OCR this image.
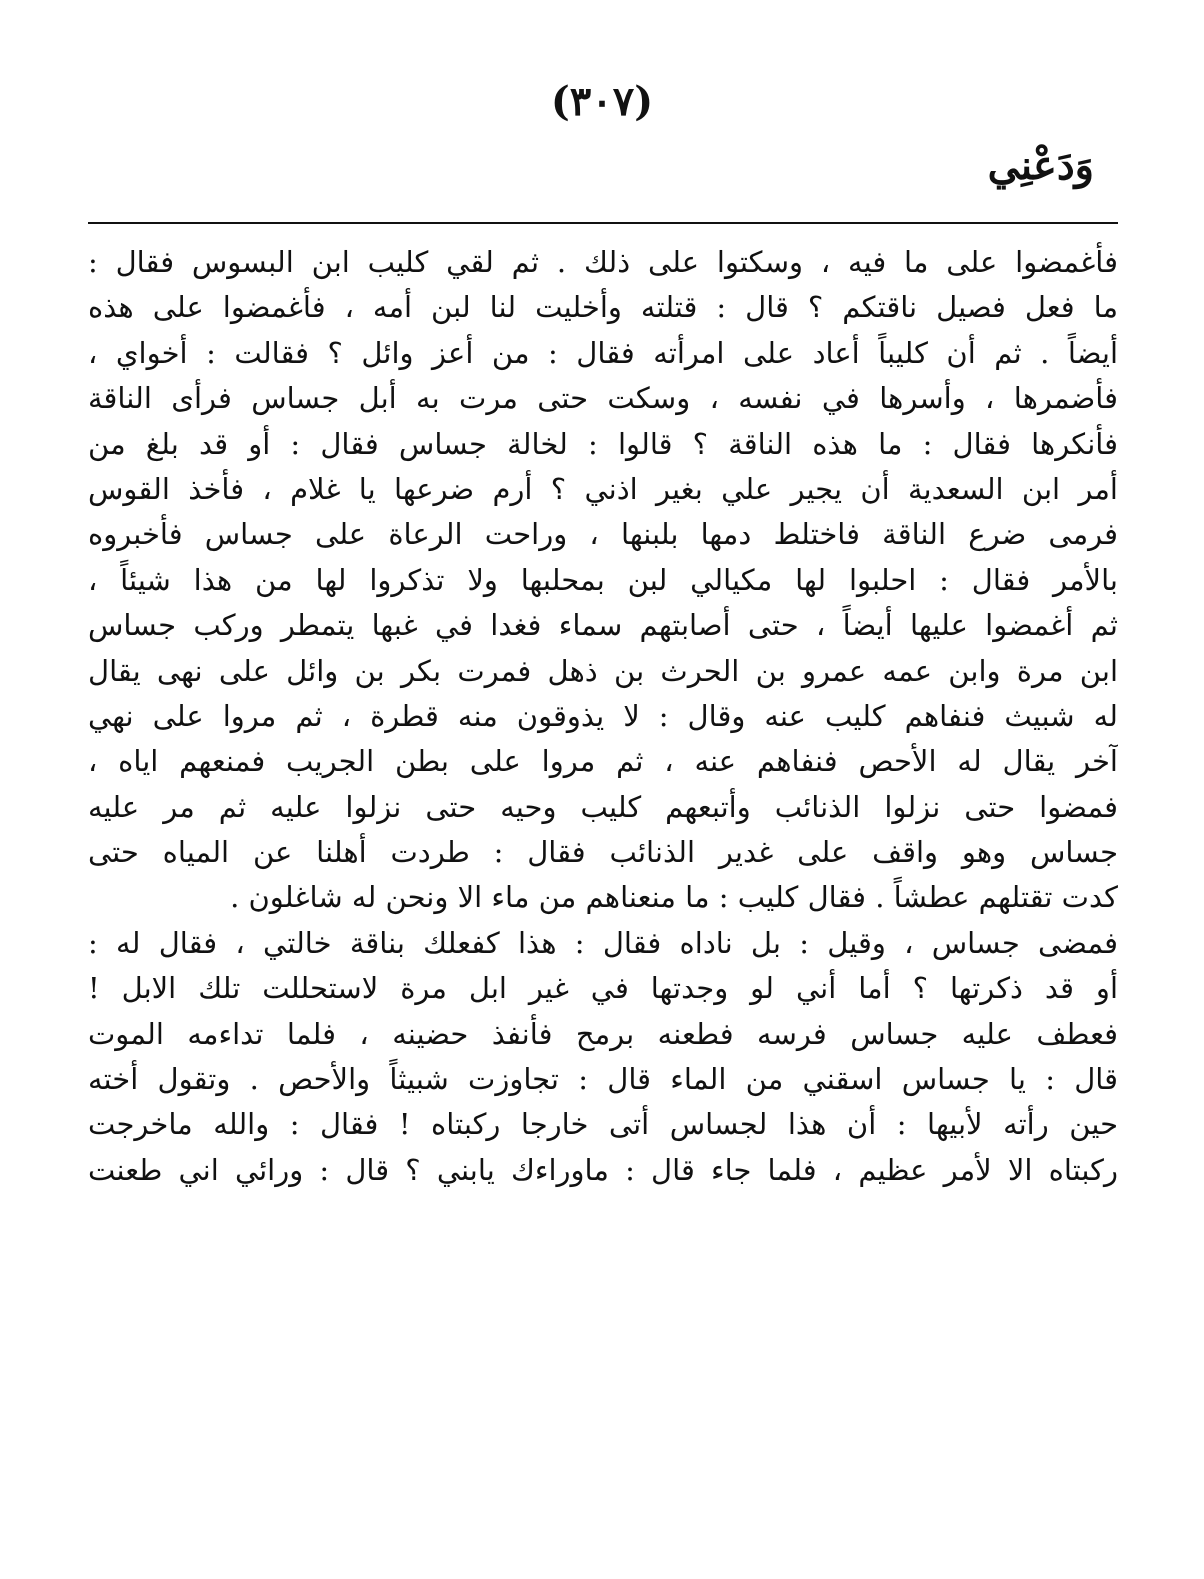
(٣٠٧)
وَدَعْنِي
فأغمضوا على ما فيه ، وسكتوا على ذلك . ثم لقي كليب ابن البسوس فقال :
ما فعل فصيل ناقتكم ؟ قال : قتلته وأخليت لنا لبن أمه ، فأغمضوا على هذه
أيضاً . ثم أن كليباً أعاد على امرأته فقال : من أعز وائل ؟ فقالت : أخواي ،
فأضمرها ، وأسرها في نفسه ، وسكت حتى مرت به أبل جساس فرأى الناقة
فأنكرها فقال : ما هذه الناقة ؟ قالوا : لخالة جساس فقال : أو قد بلغ من
أمر ابن السعدية أن يجير علي بغير اذني ؟ أرم ضرعها يا غلام ، فأخذ القوس
فرمى ضرع الناقة فاختلط دمها بلبنها ، وراحت الرعاة على جساس فأخبروه
بالأمر فقال : احلبوا لها مكيالي لبن بمحلبها ولا تذكروا لها من هذا شيئاً ،
ثم أغمضوا عليها أيضاً ، حتى أصابتهم سماء فغدا في غبها يتمطر وركب جساس
ابن مرة وابن عمه عمرو بن الحرث بن ذهل فمرت بكر بن وائل على نهى يقال
له شبيث فنفاهم كليب عنه وقال : لا يذوقون منه قطرة ، ثم مروا على نهي
آخر يقال له الأحص فنفاهم عنه ، ثم مروا على بطن الجريب فمنعهم اياه ،
فمضوا حتى نزلوا الذنائب وأتبعهم كليب وحيه حتى نزلوا عليه ثم مر عليه
جساس وهو واقف على غدير الذنائب فقال : طردت أهلنا عن المياه حتى
كدت تقتلهم عطشاً . فقال كليب : ما منعناهم من ماء الا ونحن له شاغلون .
فمضى جساس ، وقيل : بل ناداه فقال : هذا كفعلك بناقة خالتي ، فقال له :
أو قد ذكرتها ؟ أما أني لو وجدتها في غير ابل مرة لاستحللت تلك الابل !
فعطف عليه جساس فرسه فطعنه برمح فأنفذ حضينه ، فلما تداءمه الموت
قال : يا جساس اسقني من الماء قال : تجاوزت شبيثاً والأحص . وتقول أخته
حين رأته لأبيها : أن هذا لجساس أتى خارجا ركبتاه ! فقال : والله ماخرجت
ركبتاه الا لأمر عظيم ، فلما جاء قال : ماوراءك يابني ؟ قال : ورائي اني طعنت
